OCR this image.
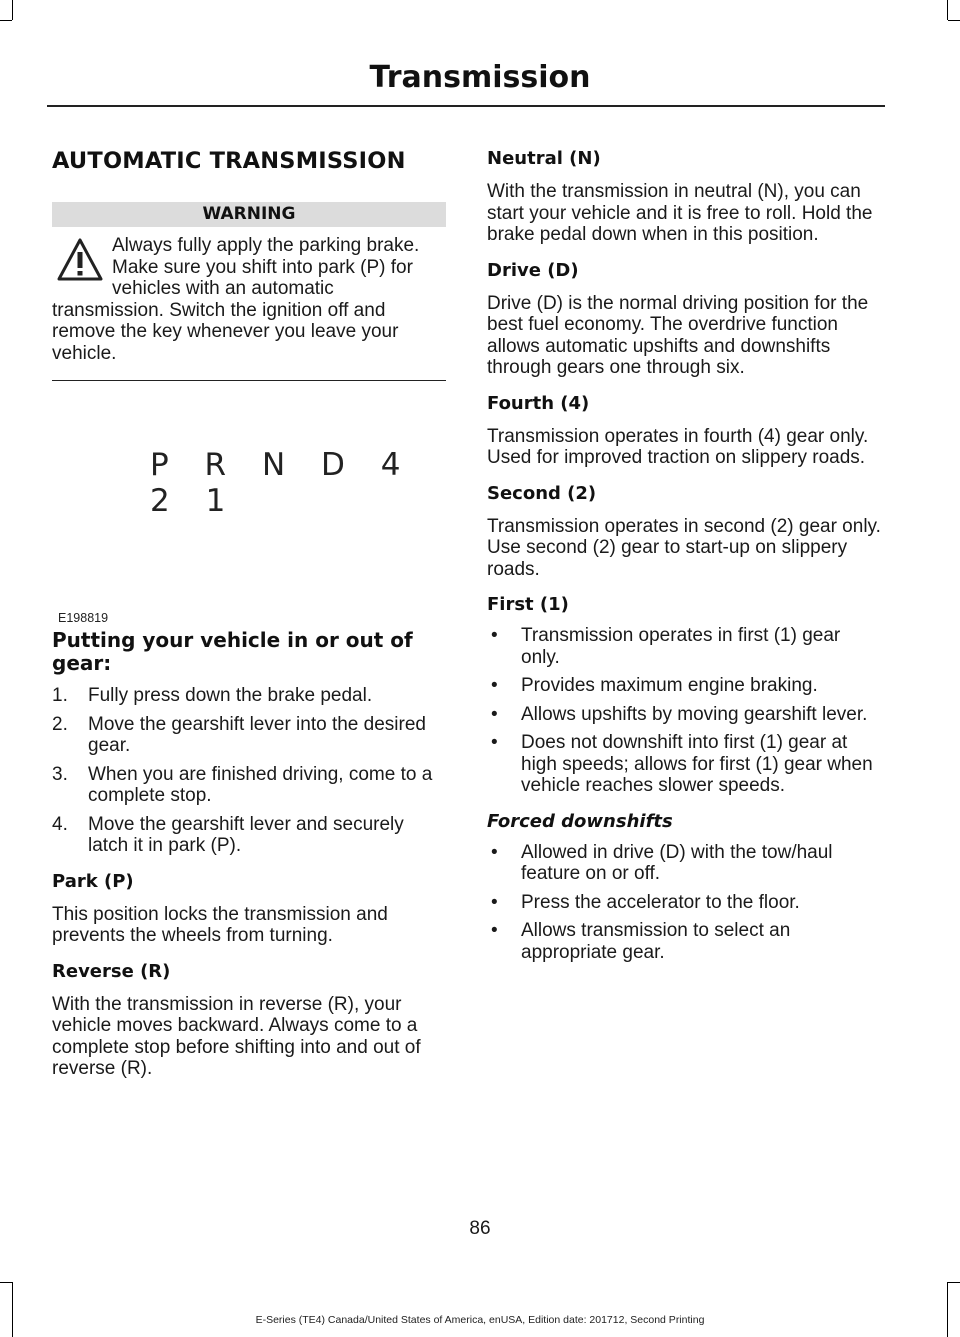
Transmission
AUTOMATIC TRANSMISSION
WARNING
Always fully apply the parking brake. Make sure you shift into park (P) for vehicles with an automatic transmission. Switch the ignition off and remove the key whenever you leave your vehicle.
P R N D 4 2 1
E198819
Putting your vehicle in or out of gear:
1. Fully press down the brake pedal.
2. Move the gearshift lever into the desired gear.
3. When you are finished driving, come to a complete stop.
4. Move the gearshift lever and securely latch it in park (P).
Park (P)

This position locks the transmission and prevents the wheels from turning.

Reverse (R)

With the transmission in reverse (R), your vehicle moves backward. Always come to a complete stop before shifting into and out of reverse (R).

Neutral (N)

With the transmission in neutral (N), you can start your vehicle and it is free to roll. Hold the brake pedal down when in this position.

Drive (D)

Drive (D) is the normal driving position for the best fuel economy. The overdrive function allows automatic upshifts and downshifts through gears one through six.

Fourth (4)

Transmission operates in fourth (4) gear only. Used for improved traction on slippery roads.

Second (2)

Transmission operates in second (2) gear only. Use second (2) gear to start-up on slippery roads.

First (1)
• Transmission operates in first (1) gear only.
• Provides maximum engine braking.
• Allows upshifts by moving gearshift lever.
• Does not downshift into first (1) gear at high speeds; allows for first (1) gear when vehicle reaches slower speeds.
Forced downshifts
• Allowed in drive (D) with the tow/haul feature on or off.
• Press the accelerator to the floor.
• Allows transmission to select an appropriate gear.
86
E-Series (TE4) Canada/United States of America, enUSA, Edition date: 201712, Second Printing
